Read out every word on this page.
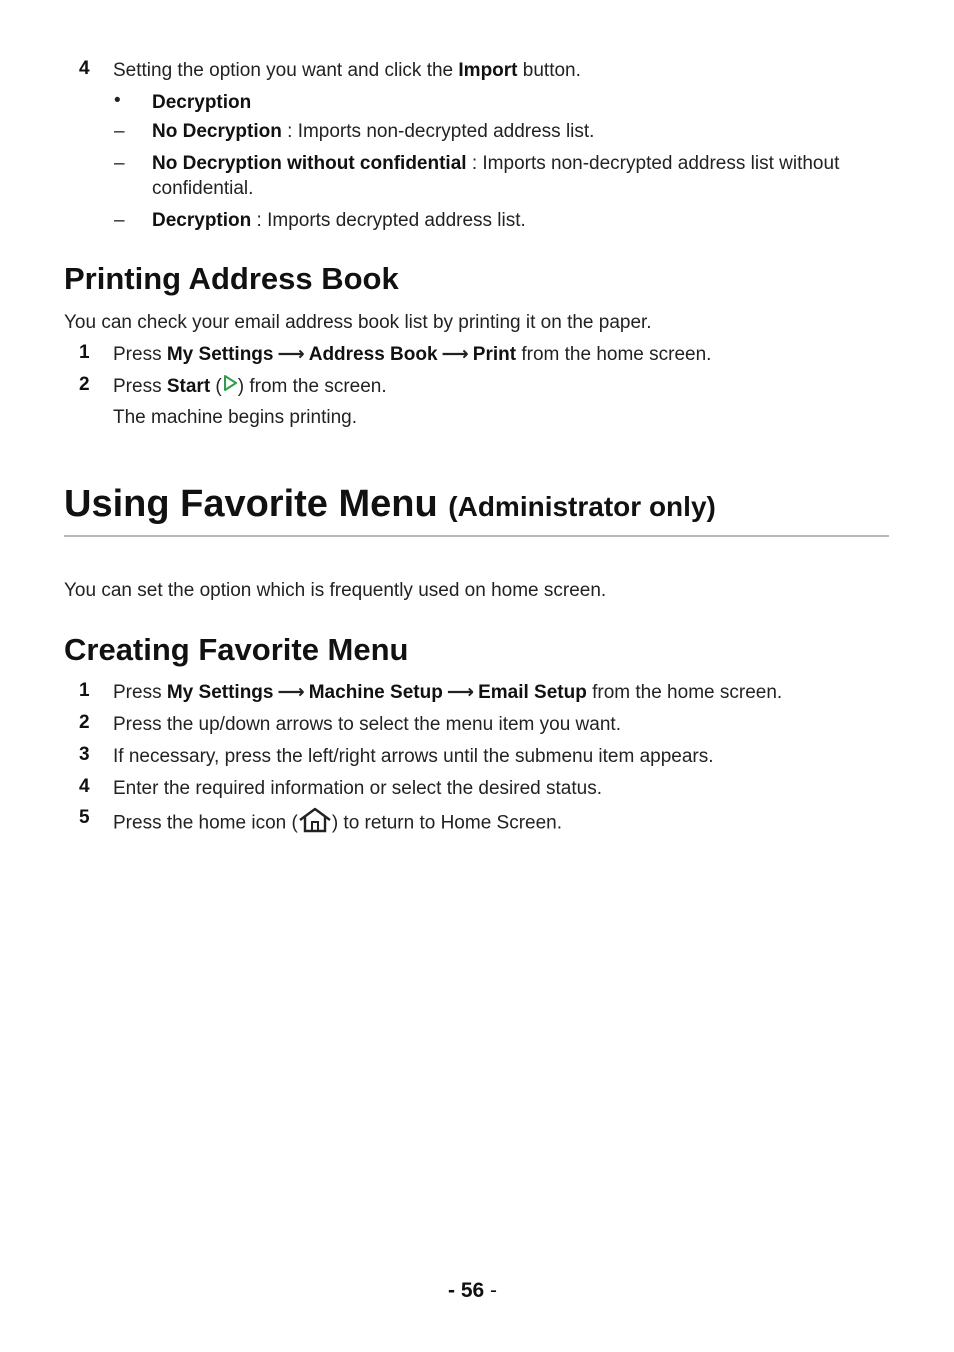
4 Setting the option you want and click the Import button.
• Decryption
– No Decryption : Imports non-decrypted address list.
– No Decryption without confidential : Imports non-decrypted address list without
confidential.
– Decryption : Imports decrypted address list.
Printing Address Book
You can check your email address book list by printing it on the paper.
1 Press My Settings ⟶ Address Book ⟶ Print from the home screen.
2 Press Start ( ) from the screen.
The machine begins printing.
Using Favorite Menu (Administrator only)
You can set the option which is frequently used on home screen.
Creating Favorite Menu
1 Press My Settings ⟶ Machine Setup ⟶ Email Setup from the home screen.
2 Press the up/down arrows to select the menu item you want.
3 If necessary, press the left/right arrows until the submenu item appears.
4 Enter the required information or select the desired status.
5 Press the home icon ( ) to return to Home Screen.
- 56 -
